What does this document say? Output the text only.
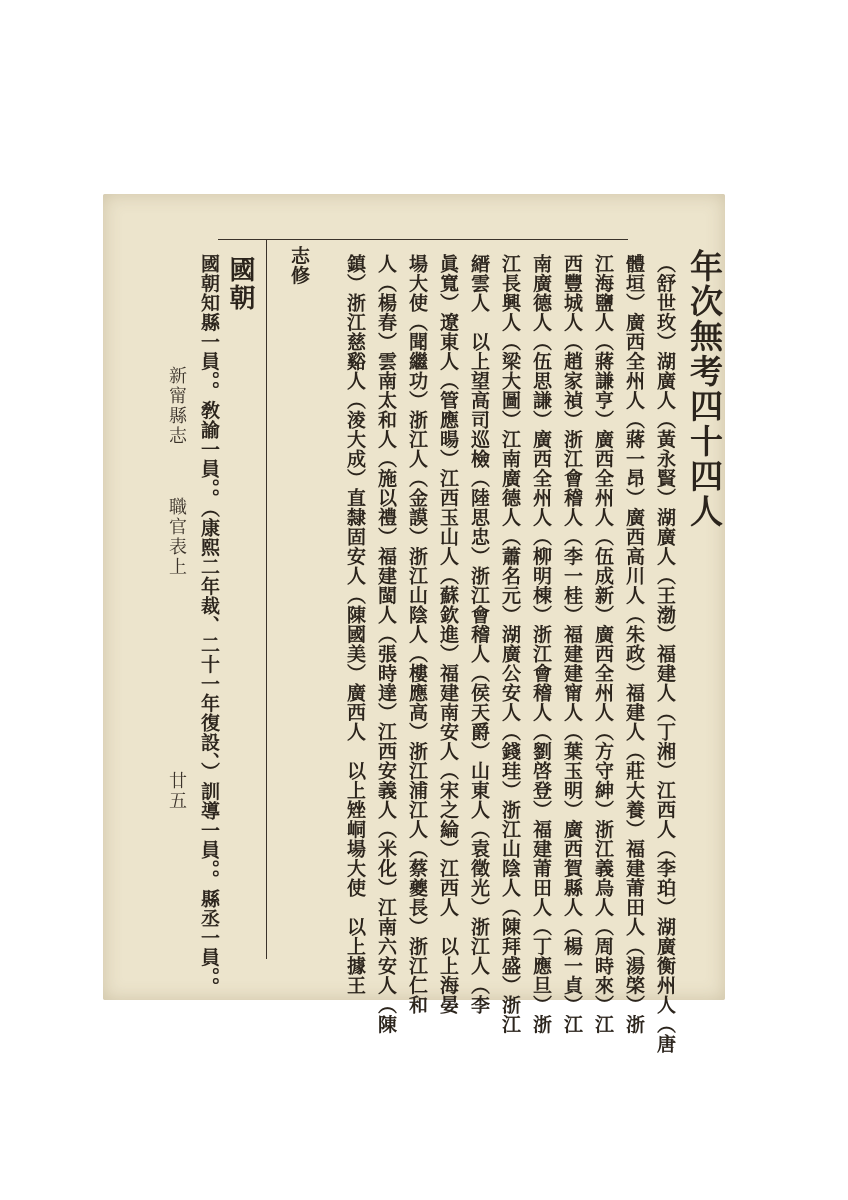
年次無考四十四人
（舒世玫）湖廣人（黃永賢）湖廣人（王渤）福建人（丁湘）江西人（李珀）湖廣衡州人（唐
體垣）廣西全州人（蔣一昂）廣西高川人（朱政）福建人（莊大養）福建莆田人（湯棨）浙
江海鹽人（蔣謙亨）廣西全州人（伍成新）廣西全州人（方守紳）浙江義烏人（周時來）江
西豐城人（趙家禎）浙江會稽人（李一桂）福建建甯人（葉玉明）廣西賀縣人（楊一貞）江
南廣德人（伍思謙）廣西全州人（柳明棟）浙江會稽人（劉啓登）福建莆田人（丁應旦）浙
江長興人（梁大圖）江南廣德人（蕭名元）湖廣公安人（錢珪）浙江山陰人（陳拜盛）浙江
縉雲人　以上望高司巡檢（陸思忠）浙江會稽人（侯天爵）山東人（袁徵光）浙江人（李
眞寬）遼東人（管應暘）江西玉山人（蘇欽進）福建南安人（宋之綸）江西人　以上海晏
場大使（聞繼功）浙江人（金謨）浙江山陰人（樓應高）浙江浦江人（蔡夔長）浙江仁和
人（楊春）雲南太和人（施以禮）福建閩人（張時達）江西安義人（米化）江南六安人（陳
鎮）浙江慈谿人（淩大成）直隸固安人（陳國美）廣西人　以上矬峒場大使　以上據王
志修
國朝
國朝知縣一員。。敎諭一員。。（康熙二年裁、二十一年復設、）訓導一員。。縣丞一員。。
新甯縣志
職官表上
廿五
